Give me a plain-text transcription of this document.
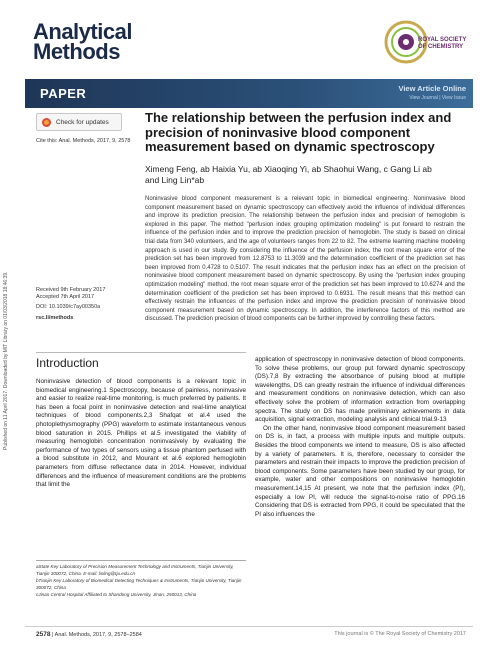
Analytical
Methods	ROYAL SOCIETY
OF CHEMISTRY
PAPER	View Article Online
View Journal | View Issue
Check for updates
Cite this: Anal. Methods, 2017, 9, 2578
The relationship between the perfusion index and precision of noninvasive blood component measurement based on dynamic spectroscopy
Ximeng Feng, ab Haixia Yu, ab Xiaoqing Yi, ab Shaohui Wang, c Gang Li ab
and Ling Lin*ab
Noninvasive blood component measurement is a relevant topic in biomedical engineering. Noninvasive blood component measurement based on dynamic spectroscopy can effectively avoid the influence of individual differences and improve its prediction precision. The relationship between the perfusion index and precision of hemoglobin is explored in this paper. The method "perfusion index grouping optimization modeling" is put forward to restrain the influence of the perfusion index and to improve the prediction precision of hemoglobin. The study is based on clinical trial data from 340 volunteers, and the age of volunteers ranges from 22 to 82. The extreme learning machine modeling approach is used in our study. By considering the influence of the perfusion index, the root mean square error of the prediction set has been improved from 12.8753 to 11.3039 and the determination coefficient of the prediction set has been improved from 0.4728 to 0.5107. The result indicates that the perfusion index has an effect on the precision of noninvasive blood component measurement based on dynamic spectroscopy. By using the "perfusion index grouping optimization modeling" method, the root mean square error of the prediction set has been improved to 10.6274 and the determination coefficient of the prediction set has been improved to 0.6931. The result means that this method can effectively restrain the influences of the perfusion index and improve the prediction precision of noninvasive blood component measurement based on dynamic spectroscopy. In addition, the interference factors of this method are discussed. The prediction precision of blood components can be further improved by controlling these factors.
Received 9th February 2017
Accepted 7th April 2017
DOI: 10.1039/c7ay00350a
rsc.li/methods
Published on 11 April 2017. Downloaded by MIT Library on 01/03/2018 18:46:39. Introduction

Noninvasive detection of blood components is a relevant topic in biomedical engineering.1 Spectroscopy, because of painless, noninvasive and easier to realize real-time monitoring, is much preferred by patients. It has been a focal point in noninvasive detection and real-time analytical techniques of blood components.2,3 Shafqat et al.4 used the photoplethysmography (PPG) waveform to estimate instantaneous venous blood saturation in 2015. Phillips et al.5 investigated the viability of measuring hemoglobin concentration noninvasively by evaluating the performance of two types of sensors using a tissue phantom perfused with a blood substitute in 2012, and Mourant et al.6 explored hemoglobin parameters from diffuse reflectance data in 2014. However, individual differences and the influence of measurement conditions are the problems that limit the

application of spectroscopy in noninvasive detection of blood components. To solve these problems, our group put forward dynamic spectroscopy (DS).7,8 By extracting the absorbance of pulsing blood at multiple wavelengths, DS can greatly restrain the influence of individual differences and measurement conditions on noninvasive detection, which can also effectively solve the problem of information extraction from overlapping spectra. The study on DS has made preliminary achievements in data acquisition, signal extraction, modeling analysis and clinical trial.9-13

On the other hand, noninvasive blood component measurement based on DS is, in fact, a process with multiple inputs and multiple outputs. Besides the blood components we intend to measure, DS is also affected by a variety of parameters. It is, therefore, necessary to consider the parameters and restrain their impacts to improve the prediction precision of blood components. Some parameters have been studied by our group, for example, water and other compositions on noninvasive hemoglobin measurement.14,15 At present, we note that the perfusion index (PI), especially a low PI, will reduce the signal-to-noise ratio of PPG.16 Considering that DS is extracted from PPG, it could be speculated that the PI also influences the

aState Key Laboratory of Precision Measurement Technology and Instruments, Tianjin University, Tianjin 300072, China. E-mail: linling@tju.edu.cn
bTianjin Key Laboratory of Biomedical Detecting Techniques & Instruments, Tianjin University, Tianjin 300072, China
cJinan Central Hospital Affiliated to Shandong University, Jinan, 250013, China
2578 | Anal. Methods, 2017, 9, 2578–2584	This journal is © The Royal Society of Chemistry 2017
